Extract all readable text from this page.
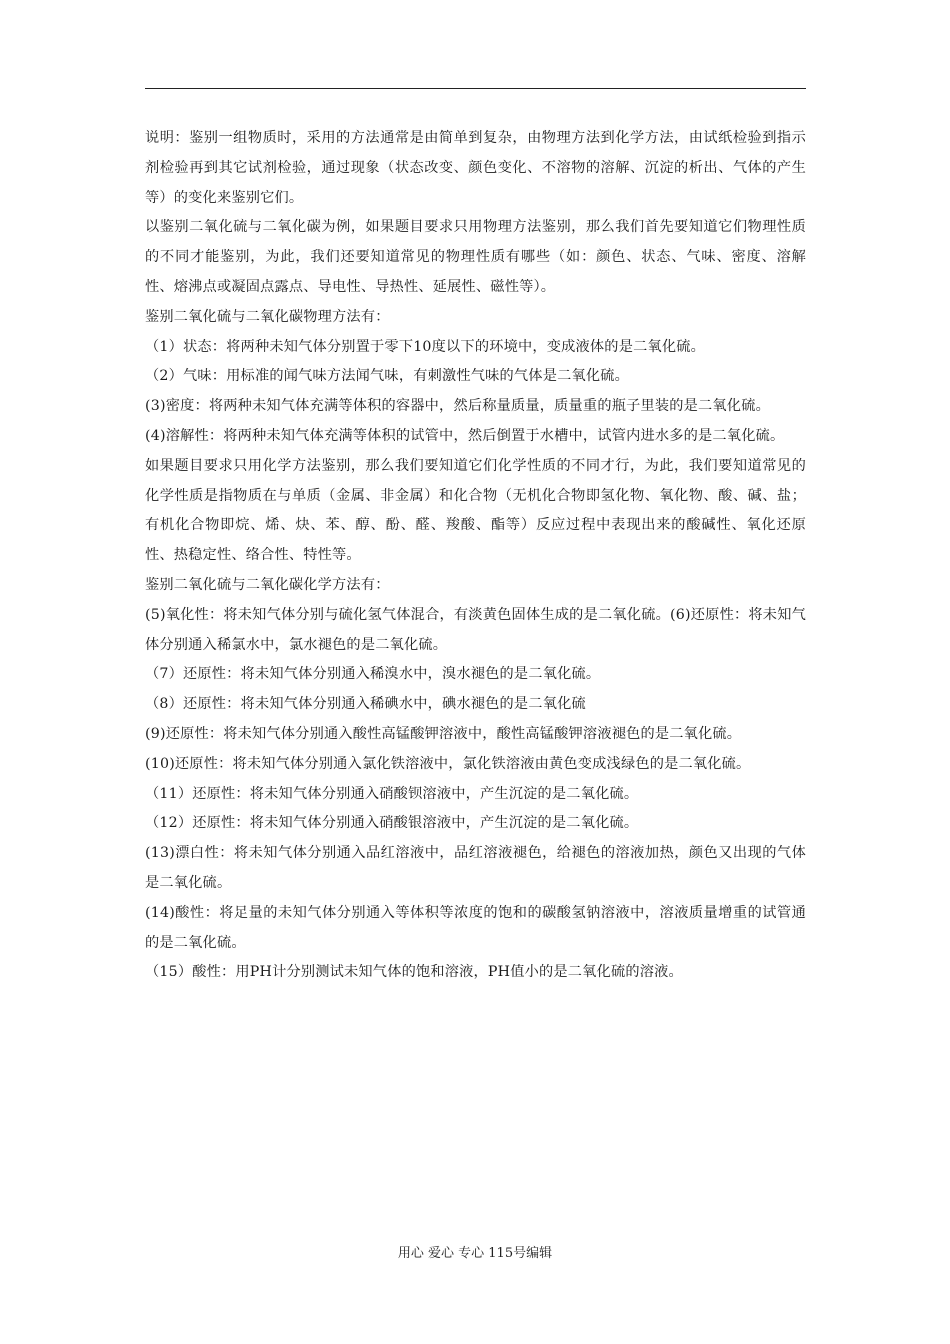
说明：鉴别一组物质时，采用的方法通常是由简单到复杂，由物理方法到化学方法，由试纸检验到指示剂检验再到其它试剂检验，通过现象（状态改变、颜色变化、不溶物的溶解、沉淀的析出、气体的产生等）的变化来鉴别它们。

以鉴别二氧化硫与二氧化碳为例，如果题目要求只用物理方法鉴别，那么我们首先要知道它们物理性质的不同才能鉴别，为此，我们还要知道常见的物理性质有哪些（如：颜色、状态、气味、密度、溶解性、熔沸点或凝固点露点、导电性、导热性、延展性、磁性等）。

鉴别二氧化硫与二氧化碳物理方法有：

（1）状态：将两种未知气体分别置于零下10度以下的环境中，变成液体的是二氧化硫。

（2）气味：用标准的闻气味方法闻气味，有刺激性气味的气体是二氧化硫。

(3)密度：将两种未知气体充满等体积的容器中，然后称量质量，质量重的瓶子里装的是二氧化硫。

(4)溶解性：将两种未知气体充满等体积的试管中，然后倒置于水槽中，试管内进水多的是二氧化硫。

如果题目要求只用化学方法鉴别，那么我们要知道它们化学性质的不同才行，为此，我们要知道常见的化学性质是指物质在与单质（金属、非金属）和化合物（无机化合物即氢化物、氧化物、酸、碱、盐；有机化合物即烷、烯、炔、苯、醇、酚、醛、羧酸、酯等）反应过程中表现出来的酸碱性、氧化还原性、热稳定性、络合性、特性等。

鉴别二氧化硫与二氧化碳化学方法有：

(5)氧化性：将未知气体分别与硫化氢气体混合，有淡黄色固体生成的是二氧化硫。(6)还原性：将未知气体分别通入稀氯水中，氯水褪色的是二氧化硫。

（7）还原性：将未知气体分别通入稀溴水中，溴水褪色的是二氧化硫。

（8）还原性：将未知气体分别通入稀碘水中，碘水褪色的是二氧化硫

(9)还原性：将未知气体分别通入酸性高锰酸钾溶液中，酸性高锰酸钾溶液褪色的是二氧化硫。

(10)还原性：将未知气体分别通入氯化铁溶液中，氯化铁溶液由黄色变成浅绿色的是二氧化硫。

（11）还原性：将未知气体分别通入硝酸钡溶液中，产生沉淀的是二氧化硫。

（12）还原性：将未知气体分别通入硝酸银溶液中，产生沉淀的是二氧化硫。

(13)漂白性：将未知气体分别通入品红溶液中，品红溶液褪色，给褪色的溶液加热，颜色又出现的气体是二氧化硫。

(14)酸性：将足量的未知气体分别通入等体积等浓度的饱和的碳酸氢钠溶液中，溶液质量增重的试管通的是二氧化硫。

（15）酸性：用PH计分别测试未知气体的饱和溶液，PH值小的是二氧化硫的溶液。

用心 爱心 专心 115号编辑
